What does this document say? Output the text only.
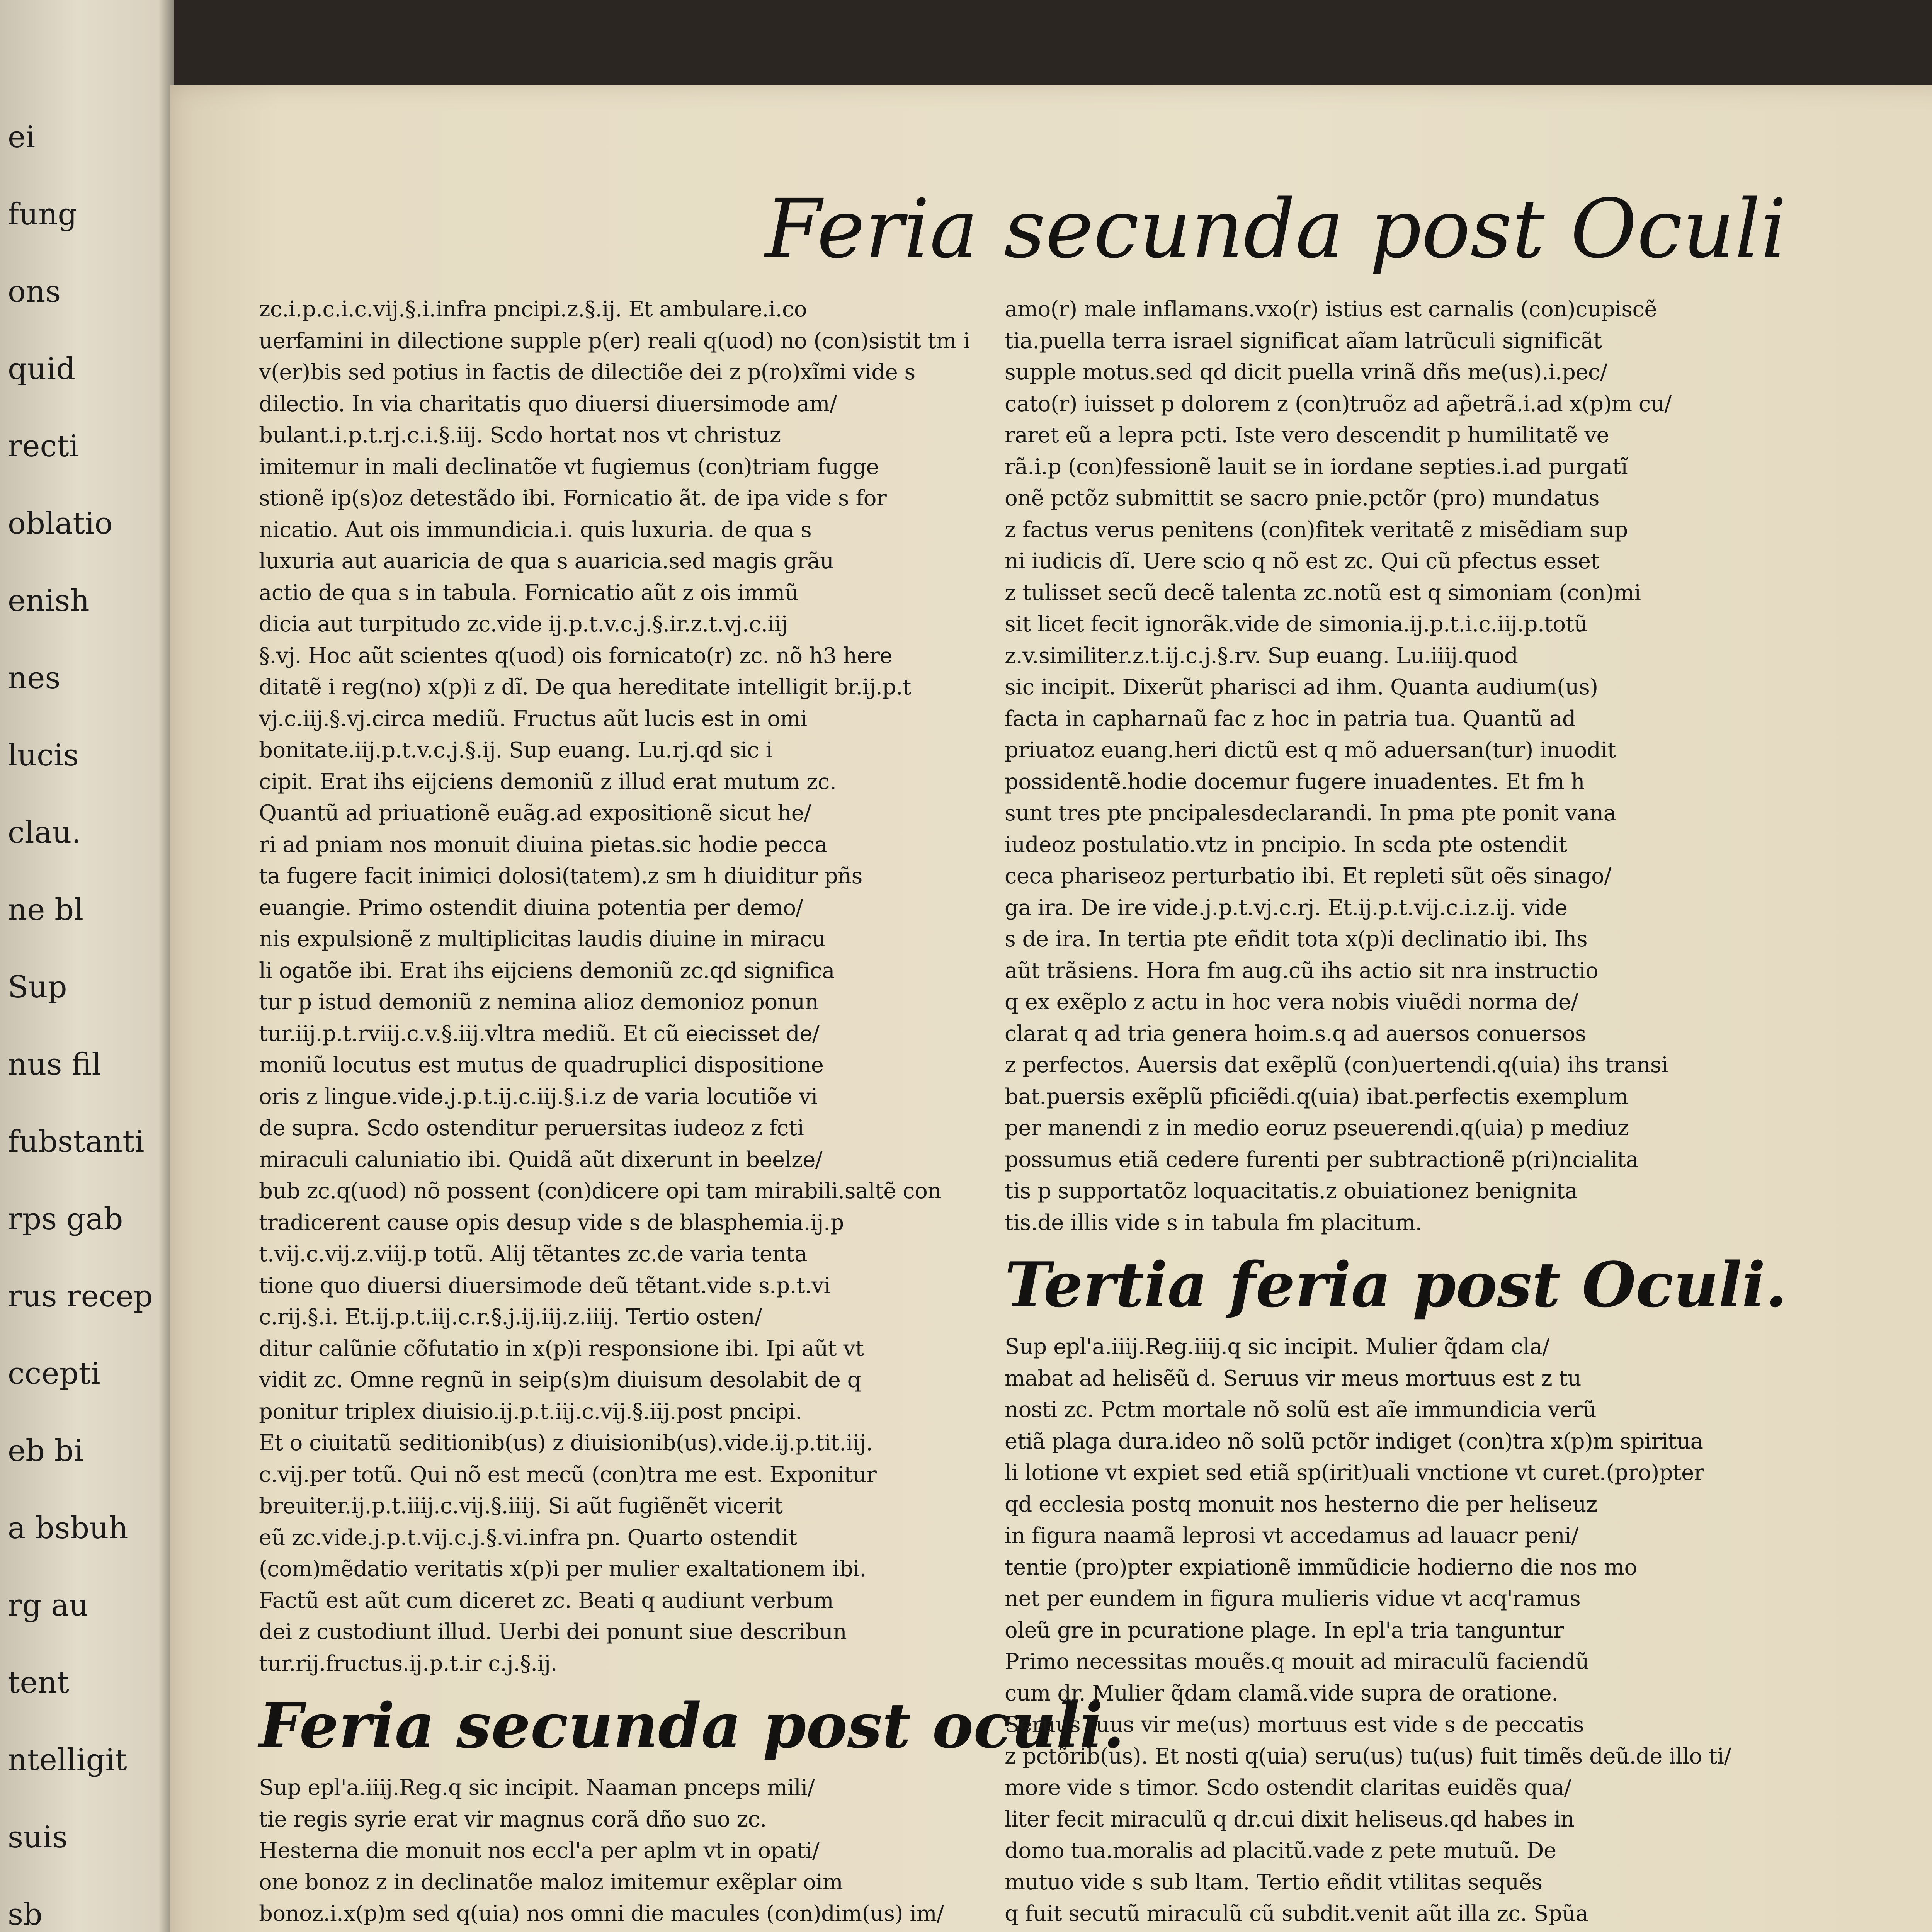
ei
fung
ons
quid
recti
oblatio
enish
nes
lucis
clau.
ne bl
Sup
nus fil
fubstanti
rps gab
rus recep
ccepti
eb bi
a bsbuh
rg au
tent
ntelligit
suis
sb
Feria secunda post Oculi
zc.i.p.c.i.c.vij.§.i.infra pncipi.z.§.ij. Et ambulare.i.co
uerfamini in dilectione supple p(er) reali q(uod) no (con)sistit tm i
v(er)bis sed potius in factis de dilectiõe dei z p(ro)xĩmi vide s
dilectio. In via charitatis quo diuersi diuersimode am/
bulant.i.p.t.rj.c.i.§.iij. Scdo hortat nos vt christuz
imitemur in mali declinatõe vt fugiemus (con)triam fugge
stionẽ ip(s)oz detestãdo ibi. Fornicatio ãt. de ipa vide s for
nicatio. Aut ois immundicia.i. quis luxuria. de qua s
luxuria aut auaricia de qua s auaricia.sed magis grãu
actio de qua s in tabula. Fornicatio aũt z ois immũ
dicia aut turpitudo zc.vide ij.p.t.v.c.j.§.ir.z.t.vj.c.iij
§.vj. Hoc aũt scientes q(uod) ois fornicato(r) zc. nõ h3 here
ditatẽ i reg(no) x(p)i z dĩ. De qua hereditate intelligit br.ij.p.t
vj.c.iij.§.vj.circa mediũ. Fructus aũt lucis est in omi
bonitate.iij.p.t.v.c.j.§.ij. Sup euang. Lu.rj.qd sic i
cipit. Erat ihs eijciens demoniũ z illud erat mutum zc.
Quantũ ad priuationẽ euãg.ad expositionẽ sicut he/
ri ad pniam nos monuit diuina pietas.sic hodie pecca
ta fugere facit inimici dolosi(tatem).z sm h diuiditur pñs
euangie. Primo ostendit diuina potentia per demo/
nis expulsionẽ z multiplicitas laudis diuine in miracu
li ogatõe ibi. Erat ihs eijciens demoniũ zc.qd significa
tur p istud demoniũ z nemina alioz demonioz ponun
tur.iij.p.t.rviij.c.v.§.iij.vltra mediũ. Et cũ eiecisset de/
moniũ locutus est mutus de quadruplici dispositione
oris z lingue.vide.j.p.t.ij.c.iij.§.i.z de varia locutiõe vi
de supra. Scdo ostenditur peruersitas iudeoz z fcti
miraculi caluniatio ibi. Quidã aũt dixerunt in beelze/
bub zc.q(uod) nõ possent (con)dicere opi tam mirabili.saltẽ con
tradicerent cause opis desup vide s de blasphemia.ij.p
t.vij.c.vij.z.viij.p totũ. Alij tẽtantes zc.de varia tenta
tione quo diuersi diuersimode deũ tẽtant.vide s.p.t.vi
c.rij.§.i. Et.ij.p.t.iij.c.r.§.j.ij.iij.z.iiij. Tertio osten/
ditur calũnie cõfutatio in x(p)i responsione ibi. Ipi aũt vt
vidit zc. Omne regnũ in seip(s)m diuisum desolabit de q
ponitur triplex diuisio.ij.p.t.iij.c.vij.§.iij.post pncipi.
Et o ciuitatũ seditionib(us) z diuisionib(us).vide.ij.p.tit.iij.
c.vij.per totũ. Qui nõ est mecũ (con)tra me est. Exponitur
breuiter.ij.p.t.iiij.c.vij.§.iiij. Si aũt fugiẽnẽt vicerit
eũ zc.vide.j.p.t.vij.c.j.§.vi.infra pn. Quarto ostendit
(com)mẽdatio veritatis x(p)i per mulier exaltationem ibi.
Factũ est aũt cum diceret zc. Beati q audiunt verbum
dei z custodiunt illud. Uerbi dei ponunt siue describun
tur.rij.fructus.ij.p.t.ir c.j.§.ij.
Feria secunda post oculi.
Sup epl'a.iiij.Reg.q sic incipit. Naaman pnceps mili/
tie regis syrie erat vir magnus corã dño suo zc.
Hesterna die monuit nos eccl'a per aplm vt in opati/
one bonoz z in declinatõe maloz imitemur exẽplar oim
bonoz.i.x(p)m sed q(uia) nos omni die macules (con)dim(us) im/
amo(r) male inflamans.vxo(r) istius est carnalis (con)cupiscẽ
tia.puella terra israel significat aĩam latrũculi significãt
supple motus.sed qd dicit puella vrinã dñs me(us).i.pec/
cato(r) iuisset p dolorem z (con)truõz ad ap̃etrã.i.ad x(p)m cu/
raret eũ a lepra pcti. Iste vero descendit p humilitatẽ ve
rã.i.p (con)fessionẽ lauit se in iordane septies.i.ad purgatĩ
onẽ pctõz submittit se sacro pnie.pctõr (pro) mundatus
z factus verus penitens (con)fitek veritatẽ z misẽdiam sup
ni iudicis dĩ. Uere scio q nõ est zc. Qui cũ pfectus esset
z tulisset secũ decẽ talenta zc.notũ est q simoniam (con)mi
sit licet fecit ignorãk.vide de simonia.ij.p.t.i.c.iij.p.totũ
z.v.similiter.z.t.ij.c.j.§.rv. Sup euang. Lu.iiij.quod
sic incipit. Dixerũt pharisci ad ihm. Quanta audium(us)
facta in capharnaũ fac z hoc in patria tua. Quantũ ad
priuatoz euang.heri dictũ est q mõ aduersan(tur) inuodit
possidentẽ.hodie docemur fugere inuadentes. Et fm h
sunt tres pte pncipalesdeclarandi. In pma pte ponit vana
iudeoz postulatio.vtz in pncipio. In scda pte ostendit
ceca phariseoz perturbatio ibi. Et repleti sũt oẽs sinago/
ga ira. De ire vide.j.p.t.vj.c.rj. Et.ij.p.t.vij.c.i.z.ij. vide
s de ira. In tertia pte eñdit tota x(p)i declinatio ibi. Ihs
aũt trãsiens. Hora fm aug.cũ ihs actio sit nra instructio
q ex exẽplo z actu in hoc vera nobis viuẽdi norma de/
clarat q ad tria genera hoim.s.q ad auersos conuersos
z perfectos. Auersis dat exẽplũ (con)uertendi.q(uia) ihs transi
bat.puersis exẽplũ pficiẽdi.q(uia) ibat.perfectis exemplum
per manendi z in medio eoruz pseuerendi.q(uia) p mediuz
possumus etiã cedere furenti per subtractionẽ p(ri)ncialita
tis p supportatõz loquacitatis.z obuiationez benignita
tis.de illis vide s in tabula fm placitum.
Tertia feria post Oculi.
Sup epl'a.iiij.Reg.iiij.q sic incipit. Mulier q̃dam cla/
mabat ad helisẽũ d. Seruus vir meus mortuus est z tu
nosti zc. Pctm mortale nõ solũ est aĩe immundicia verũ
etiã plaga dura.ideo nõ solũ pctõr indiget (con)tra x(p)m spiritua
li lotione vt expiet sed etiã sp(irit)uali vnctione vt curet.(pro)pter
qd ecclesia postq monuit nos hesterno die per heliseuz
in figura naamã leprosi vt accedamus ad lauacr peni/
tentie (pro)pter expiationẽ immũdicie hodierno die nos mo
net per eundem in figura mulieris vidue vt acq'ramus
oleũ gre in pcuratione plage. In epl'a tria tanguntur
Primo necessitas mouẽs.q mouit ad miraculũ faciendũ
cum dr. Mulier q̃dam clamã.vide supra de oratione.
Seruus tuus vir me(us) mortuus est vide s de peccatis
z pctõrib(us). Et nosti q(uia) seru(us) tu(us) fuit timẽs deũ.de illo ti/
more vide s timor. Scdo ostendit claritas euidẽs qua/
liter fecit miraculũ q dr.cui dixit heliseus.qd habes in
domo tua.moralis ad placitũ.vade z pete mutuũ. De
mutuo vide s sub ltam. Tertio eñdit vtilitas sequẽs
q fuit secutũ miraculũ cũ subdit.venit aũt illa zc. Spũa
